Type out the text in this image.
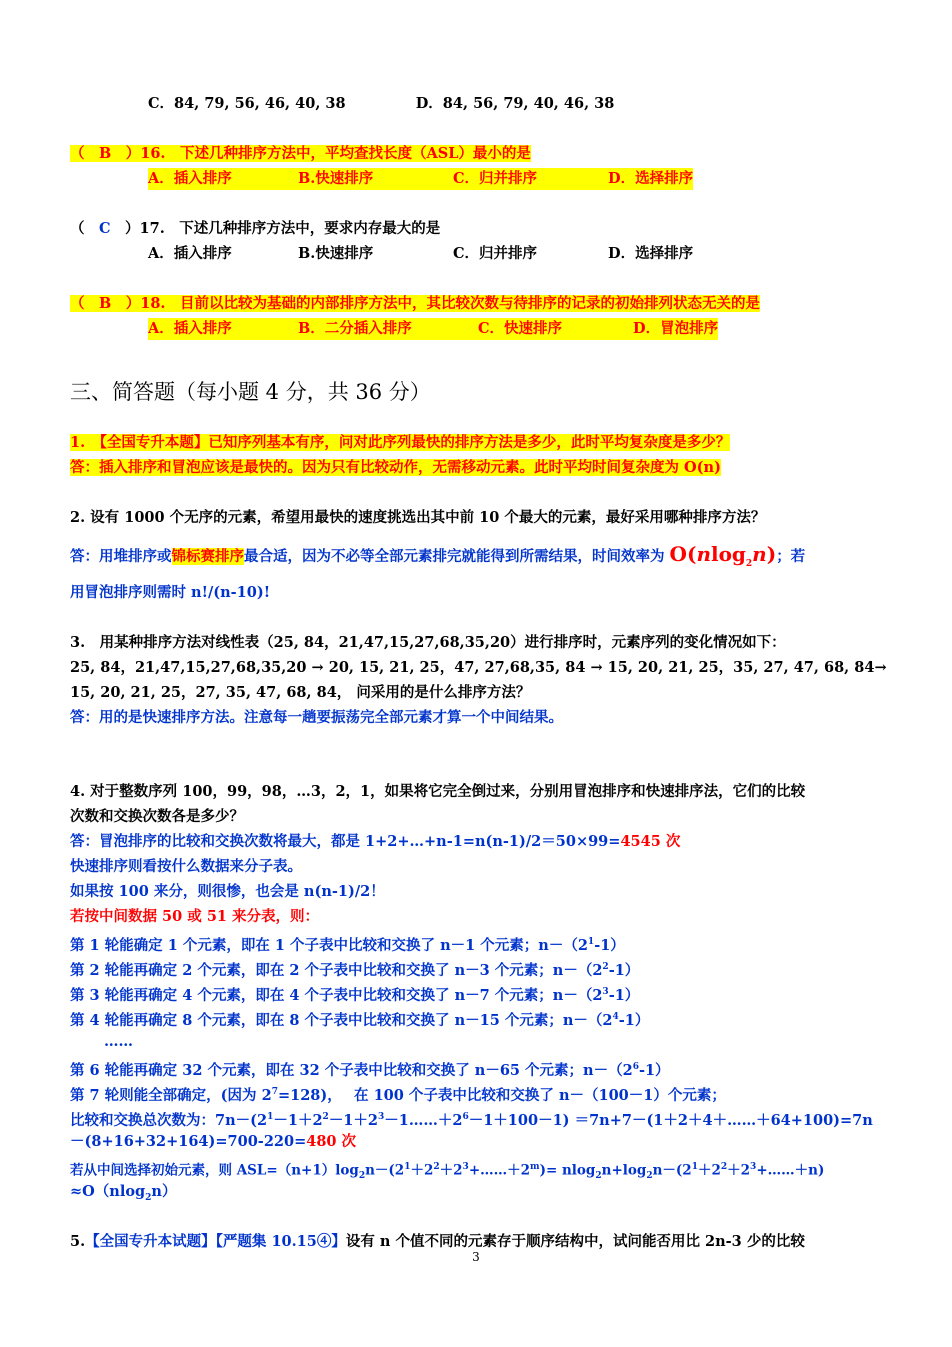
C．84, 79, 56, 46, 40, 38	D．84, 56, 79, 40, 46, 38
（　B　）16.　下述几种排序方法中，平均查找长度（ASL）最小的是
A．插入排序	B.快速排序	C．归并排序	D．选择排序
（　 C　 ）17.　下述几种排序方法中，要求内存最大的是
A．插入排序	B.快速排序	C．归并排序	D．选择排序
（　B　）18.　目前以比较为基础的内部排序方法中，其比较次数与待排序的记录的初始排列状态无关的是
A．插入排序	B．二分插入排序	C．快速排序	D．冒泡排序
三、简答题（每小题 4 分，共 36 分）
1.　【全国专升本题】已知序列基本有序，问对此序列最快的排序方法是多少，此时平均复杂度是多少？
答：插入排序和冒泡应该是最快的。因为只有比较动作，无需移动元素。此时平均时间复杂度为 O(n)
2. 设有 1000 个无序的元素，希望用最快的速度挑选出其中前 10 个最大的元素，最好采用哪种排序方法？
答：用堆排序或锦标赛排序最合适，因为不必等全部元素排完就能得到所需结果，时间效率为 O(nlog$_2$n)；若
用冒泡排序则需时 n!/(n-10)!
3.　用某种排序方法对线性表（25, 84，21,47,15,27,68,35,20）进行排序时，元素序列的变化情况如下：
25, 84，21,47,15,27,68,35,20 → 20, 15, 21, 25，47, 27,68,35, 84 → 15, 20, 21, 25，35, 27, 47, 68, 84→
15, 20, 21, 25，27, 35, 47, 68, 84， 问采用的是什么排序方法？
答：用的是快速排序方法。注意每一趟要振荡完全部元素才算一个中间结果。
4. 对于整数序列 100，99，98，…3，2，1，如果将它完全倒过来，分别用冒泡排序和快速排序法，它们的比较
次数和交换次数各是多少？
答：冒泡排序的比较和交换次数将最大，都是 1+2+…+n-1=n(n-1)/2＝50×99=4545 次
快速排序则看按什么数据来分子表。
如果按 100 来分，则很惨，也会是 n(n-1)/2！
若按中间数据 50 或 51 来分表，则：
第 1 轮能确定 1 个元素，即在 1 个子表中比较和交换了 n－1 个元素；$n-(2^1-1)$
第 2 轮能再确定 2 个元素，即在 2 个子表中比较和交换了 n－3 个元素；$n-(2^2-1)$
第 3 轮能再确定 4 个元素，即在 4 个子表中比较和交换了 n－7 个元素；$n-(2^3-1)$
第 4 轮能再确定 8 个元素，即在 8 个子表中比较和交换了 n－15 个元素；$n-(2^4-1)$
……
第 6 轮能再确定 32 个元素，即在 32 个子表中比较和交换了 n－65 个元素；$n-(2^6-1)$
第 7 轮则能全部确定，(因为 $2^7=128$)，　 在 100 个子表中比较和交换了 n－（100－1）个元素；
比较和交换总次数为：$7n-(2^1-1+2^2-1+2^3-1\dots\dots+2^6-1+100-1)$ ＝7n+7－(1＋2＋4＋……＋64+100)=7n
－(8+16+32+164)=700-220=480 次
若从中间选择初始元素，则 $ASL=(n+1)\log_2n-(2^1+2^2+2^3+\dots\dots+2^m)=$ $nlog_2n+\log_2n-(2^1+2^2+2^3+\dots\dots+n)$
≈O（nlog$_2$n）
5.【全国专升本试题】【严题集 10.15④】设有 n 个值不同的元素存于顺序结构中，试问能否用比 2n-3 少的比较
3
